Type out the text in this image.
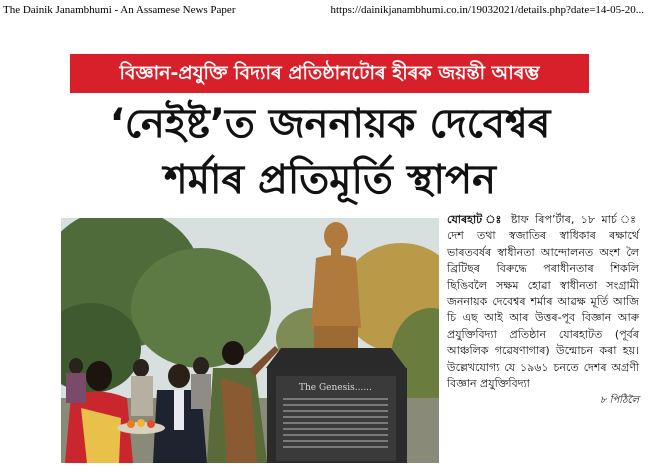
The Dainik Janambhumi - An Assamese News Paper	https://dainikjanambhumi.co.in/19032021/details.php?date=14-05-20...
বিজ্ঞান-প্ৰযুক্তি বিদ্যাৰ প্ৰতিষ্ঠানটোৰ হীৰক জয়ন্তী আৰম্ভ
‘নেইষ্ট’ত জননায়ক দেবেশ্বৰ
শৰ্মাৰ প্ৰতিমূৰ্তি স্থাপন
The Genesis......
যোৰহাট ঃ ষ্টাফ ৰিপ’ৰ্টাৰ, ১৮ মাৰ্চ ঃ দেশ তথা স্বজাতিৰ স্বাধিকাৰ ৰক্ষাৰ্থে ভাৰতবৰ্ষৰ স্বাধীনতা আন্দোলনত অংশ লৈ ব্ৰিটিছৰ বিৰুদ্ধে পৰাধীনতাৰ শিকলি ছিঙিবলৈ সক্ষম হোৱা স্বাধীনতা সংগ্ৰামী জননায়ক দেবেশ্বৰ শৰ্মাৰ আৱক্ষ মূৰ্তি আজি চি এছ আই আৰ উত্তৰ-পূব বিজ্ঞান আৰু প্ৰযুক্তিবিদ্যা প্ৰতিষ্ঠান যোৰহাটত (পূৰ্বৰ আঞ্চলিক গৱেষণাগাৰ) উন্মোচন কৰা হয়। উল্লেখযোগ্য যে ১৯৬১ চনতে দেশৰ অগ্ৰণী বিজ্ঞান প্ৰযুক্তিবিদ্যা
৮ পিঠিলৈ
